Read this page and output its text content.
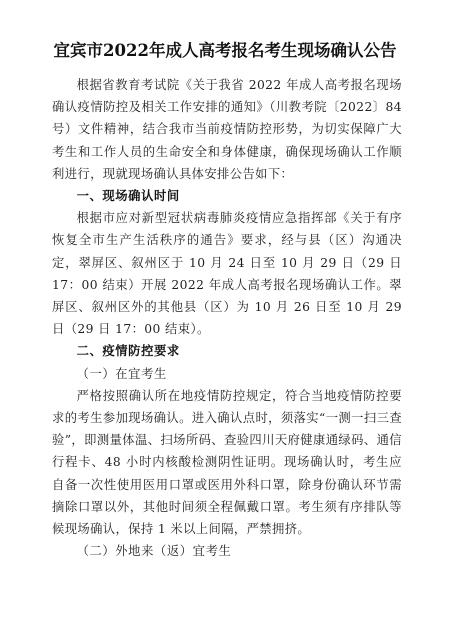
宜宾市2022年成人高考报名考生现场确认公告

根据省教育考试院《关于我省 2022 年成人高考报名现场确认疫情防控及相关工作安排的通知》（川教考院〔2022〕84 号）文件精神，结合我市当前疫情防控形势，为切实保障广大考生和工作人员的生命安全和身体健康，确保现场确认工作顺利进行，现就现场确认具体安排公告如下：

一、现场确认时间

根据市应对新型冠状病毒肺炎疫情应急指挥部《关于有序恢复全市生产生活秩序的通告》要求，经与县（区）沟通决定，翠屏区、叙州区于 10 月 24 日至 10 月 29 日（29 日 17：00 结束）开展 2022 年成人高考报名现场确认工作。翠屏区、叙州区外的其他县（区）为 10 月 26 日至 10 月 29 日（29 日 17：00 结束）。

二、疫情防控要求

（一）在宜考生

严格按照确认所在地疫情防控规定，符合当地疫情防控要求的考生参加现场确认。进入确认点时，须落实“一测一扫三查验”，即测量体温、扫场所码、查验四川天府健康通绿码、通信行程卡、48 小时内核酸检测阴性证明。现场确认时，考生应自备一次性使用医用口罩或医用外科口罩，除身份确认环节需摘除口罩以外，其他时间须全程佩戴口罩。考生须有序排队等候现场确认，保持 1 米以上间隔，严禁拥挤。

（二）外地来（返）宜考生
